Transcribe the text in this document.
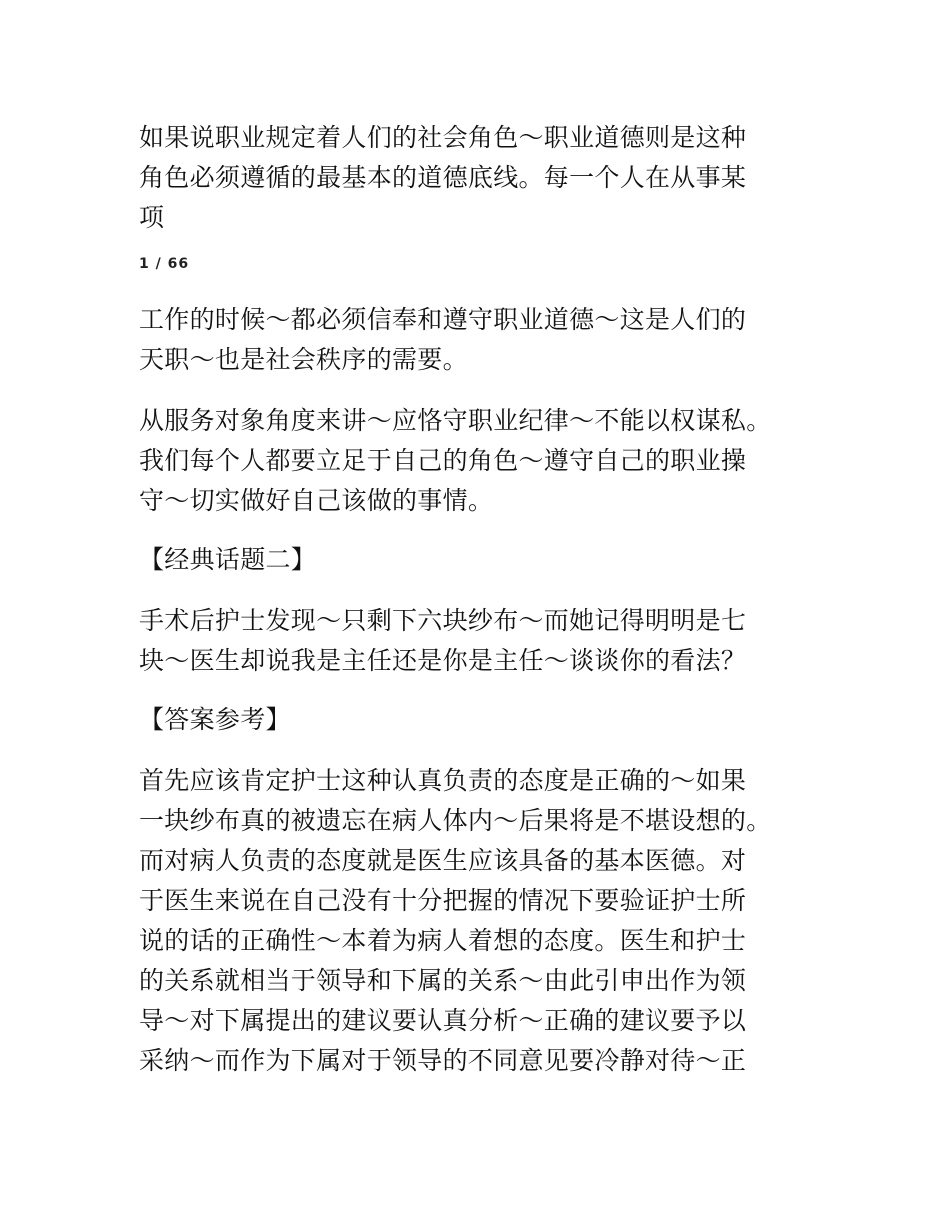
如果说职业规定着人们的社会角色～职业道德则是这种
角色必须遵循的最基本的道德底线。每一个人在从事某
项
1 / 66
工作的时候～都必须信奉和遵守职业道德～这是人们的
天职～也是社会秩序的需要。
从服务对象角度来讲～应恪守职业纪律～不能以权谋私。
我们每个人都要立足于自己的角色～遵守自己的职业操
守～切实做好自己该做的事情。
【经典话题二】
手术后护士发现～只剩下六块纱布～而她记得明明是七
块～医生却说我是主任还是你是主任～谈谈你的看法？
【答案参考】
首先应该肯定护士这种认真负责的态度是正确的～如果
一块纱布真的被遗忘在病人体内～后果将是不堪设想的。
而对病人负责的态度就是医生应该具备的基本医德。对
于医生来说在自己没有十分把握的情况下要验证护士所
说的话的正确性～本着为病人着想的态度。医生和护士
的关系就相当于领导和下属的关系～由此引申出作为领
导～对下属提出的建议要认真分析～正确的建议要予以
采纳～而作为下属对于领导的不同意见要冷静对待～正
